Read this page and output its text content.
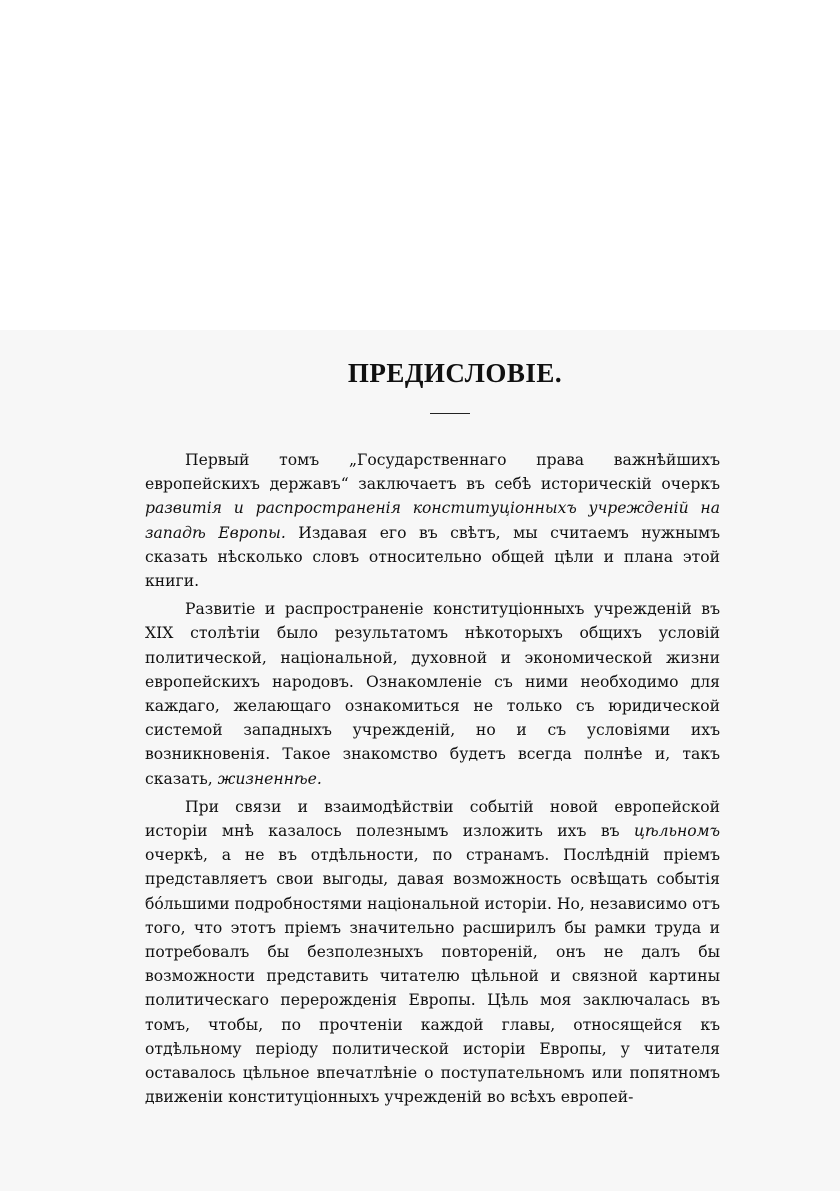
ПРЕДИСЛОВІЕ.

Первый томъ „Государственнаго права важнѣйшихъ европейскихъ державъ“ заключаетъ въ себѣ историческій очеркъ развитія и распространенія конституціонныхъ учрежденій на западѣ Европы. Издавая его въ свѣтъ, мы считаемъ нужнымъ сказать нѣсколько словъ относительно общей цѣли и плана этой книги.

Развитіе и распространеніе конституціонныхъ учрежденій въ XIX столѣтіи было результатомъ нѣкоторыхъ общихъ условій политической, національной, духовной и экономической жизни европейскихъ народовъ. Ознакомленіе съ ними необходимо для каждаго, желающаго ознакомиться не только съ юридической системой западныхъ учрежденій, но и съ условіями ихъ возникновенія. Такое знакомство будетъ всегда полнѣе и, такъ сказать, жизненнѣе.

При связи и взаимодѣйствіи событій новой европейской исторіи мнѣ казалось полезнымъ изложить ихъ въ цѣльномъ очеркѣ, а не въ отдѣльности, по странамъ. Послѣдній пріемъ представляетъ свои выгоды, давая возможность освѣщать событія бо́льшими подробностями національной исторіи. Но, независимо отъ того, что этотъ пріемъ значительно расширилъ бы рамки труда и потребовалъ бы безполезныхъ повтореній, онъ не далъ бы возможности представить читателю цѣльной и связной картины политическаго перерожденія Европы. Цѣль моя заключалась въ томъ, чтобы, по прочтеніи каждой главы, относящейся къ отдѣльному періоду политической исторіи Европы, у читателя оставалось цѣльное впечатлѣніе о поступательномъ или попятномъ движеніи конституціонныхъ учрежденій во всѣхъ европей-
